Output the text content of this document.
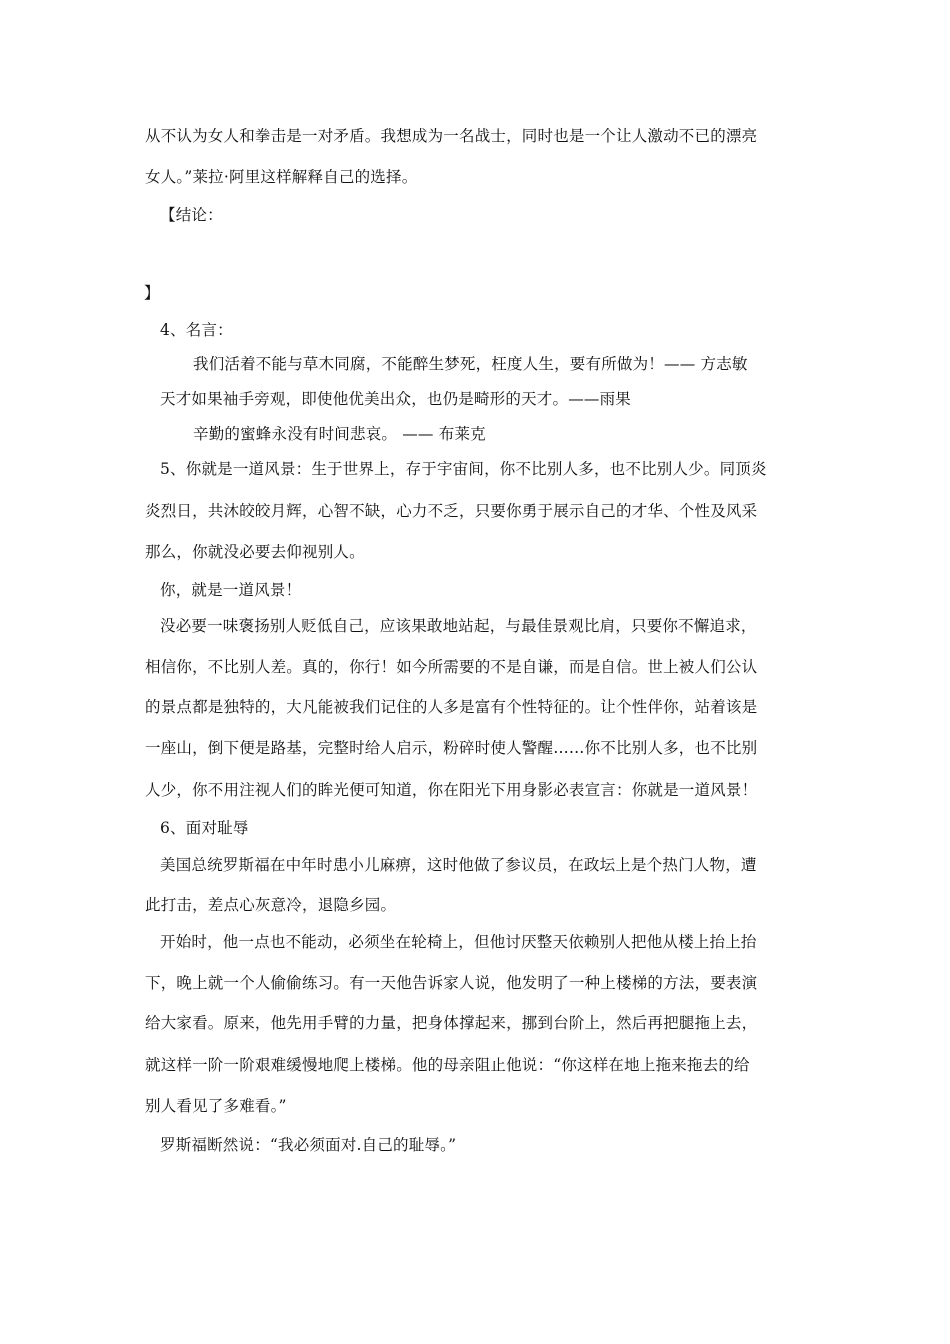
从不认为女人和拳击是一对矛盾。我想成为一名战士，同时也是一个让人激动不已的漂亮
女人。”莱拉·阿里这样解释自己的选择。
【结论：
】
4、名言：
我们活着不能与草木同腐，不能醉生梦死，枉度人生，要有所做为！—— 方志敏
天才如果袖手旁观，即使他优美出众，也仍是畸形的天才。——雨果
辛勤的蜜蜂永没有时间悲哀。 —— 布莱克
5、你就是一道风景：生于世界上，存于宇宙间，你不比别人多，也不比别人少。同顶炎
炎烈日，共沐皎皎月辉，心智不缺，心力不乏，只要你勇于展示自己的才华、个性及风采
那么，你就没必要去仰视别人。
你，就是一道风景！
没必要一味褒扬别人贬低自己，应该果敢地站起，与最佳景观比肩，只要你不懈追求，
相信你，不比别人差。真的，你行！如今所需要的不是自谦，而是自信。世上被人们公认
的景点都是独特的，大凡能被我们记住的人多是富有个性特征的。让个性伴你，站着该是
一座山，倒下便是路基，完整时给人启示，粉碎时使人警醒……你不比别人多，也不比别
人少，你不用注视人们的眸光便可知道，你在阳光下用身影必表宣言：你就是一道风景！
6、面对耻辱
美国总统罗斯福在中年时患小儿麻痹，这时他做了参议员，在政坛上是个热门人物，遭
此打击，差点心灰意冷，退隐乡园。
开始时，他一点也不能动，必须坐在轮椅上，但他讨厌整天依赖别人把他从楼上抬上抬
下，晚上就一个人偷偷练习。有一天他告诉家人说，他发明了一种上楼梯的方法，要表演
给大家看。原来，他先用手臂的力量，把身体撑起来，挪到台阶上，然后再把腿拖上去，
就这样一阶一阶艰难缓慢地爬上楼梯。他的母亲阻止他说：“你这样在地上拖来拖去的给
别人看见了多难看。”
罗斯福断然说：“我必须面对.自己的耻辱。”
